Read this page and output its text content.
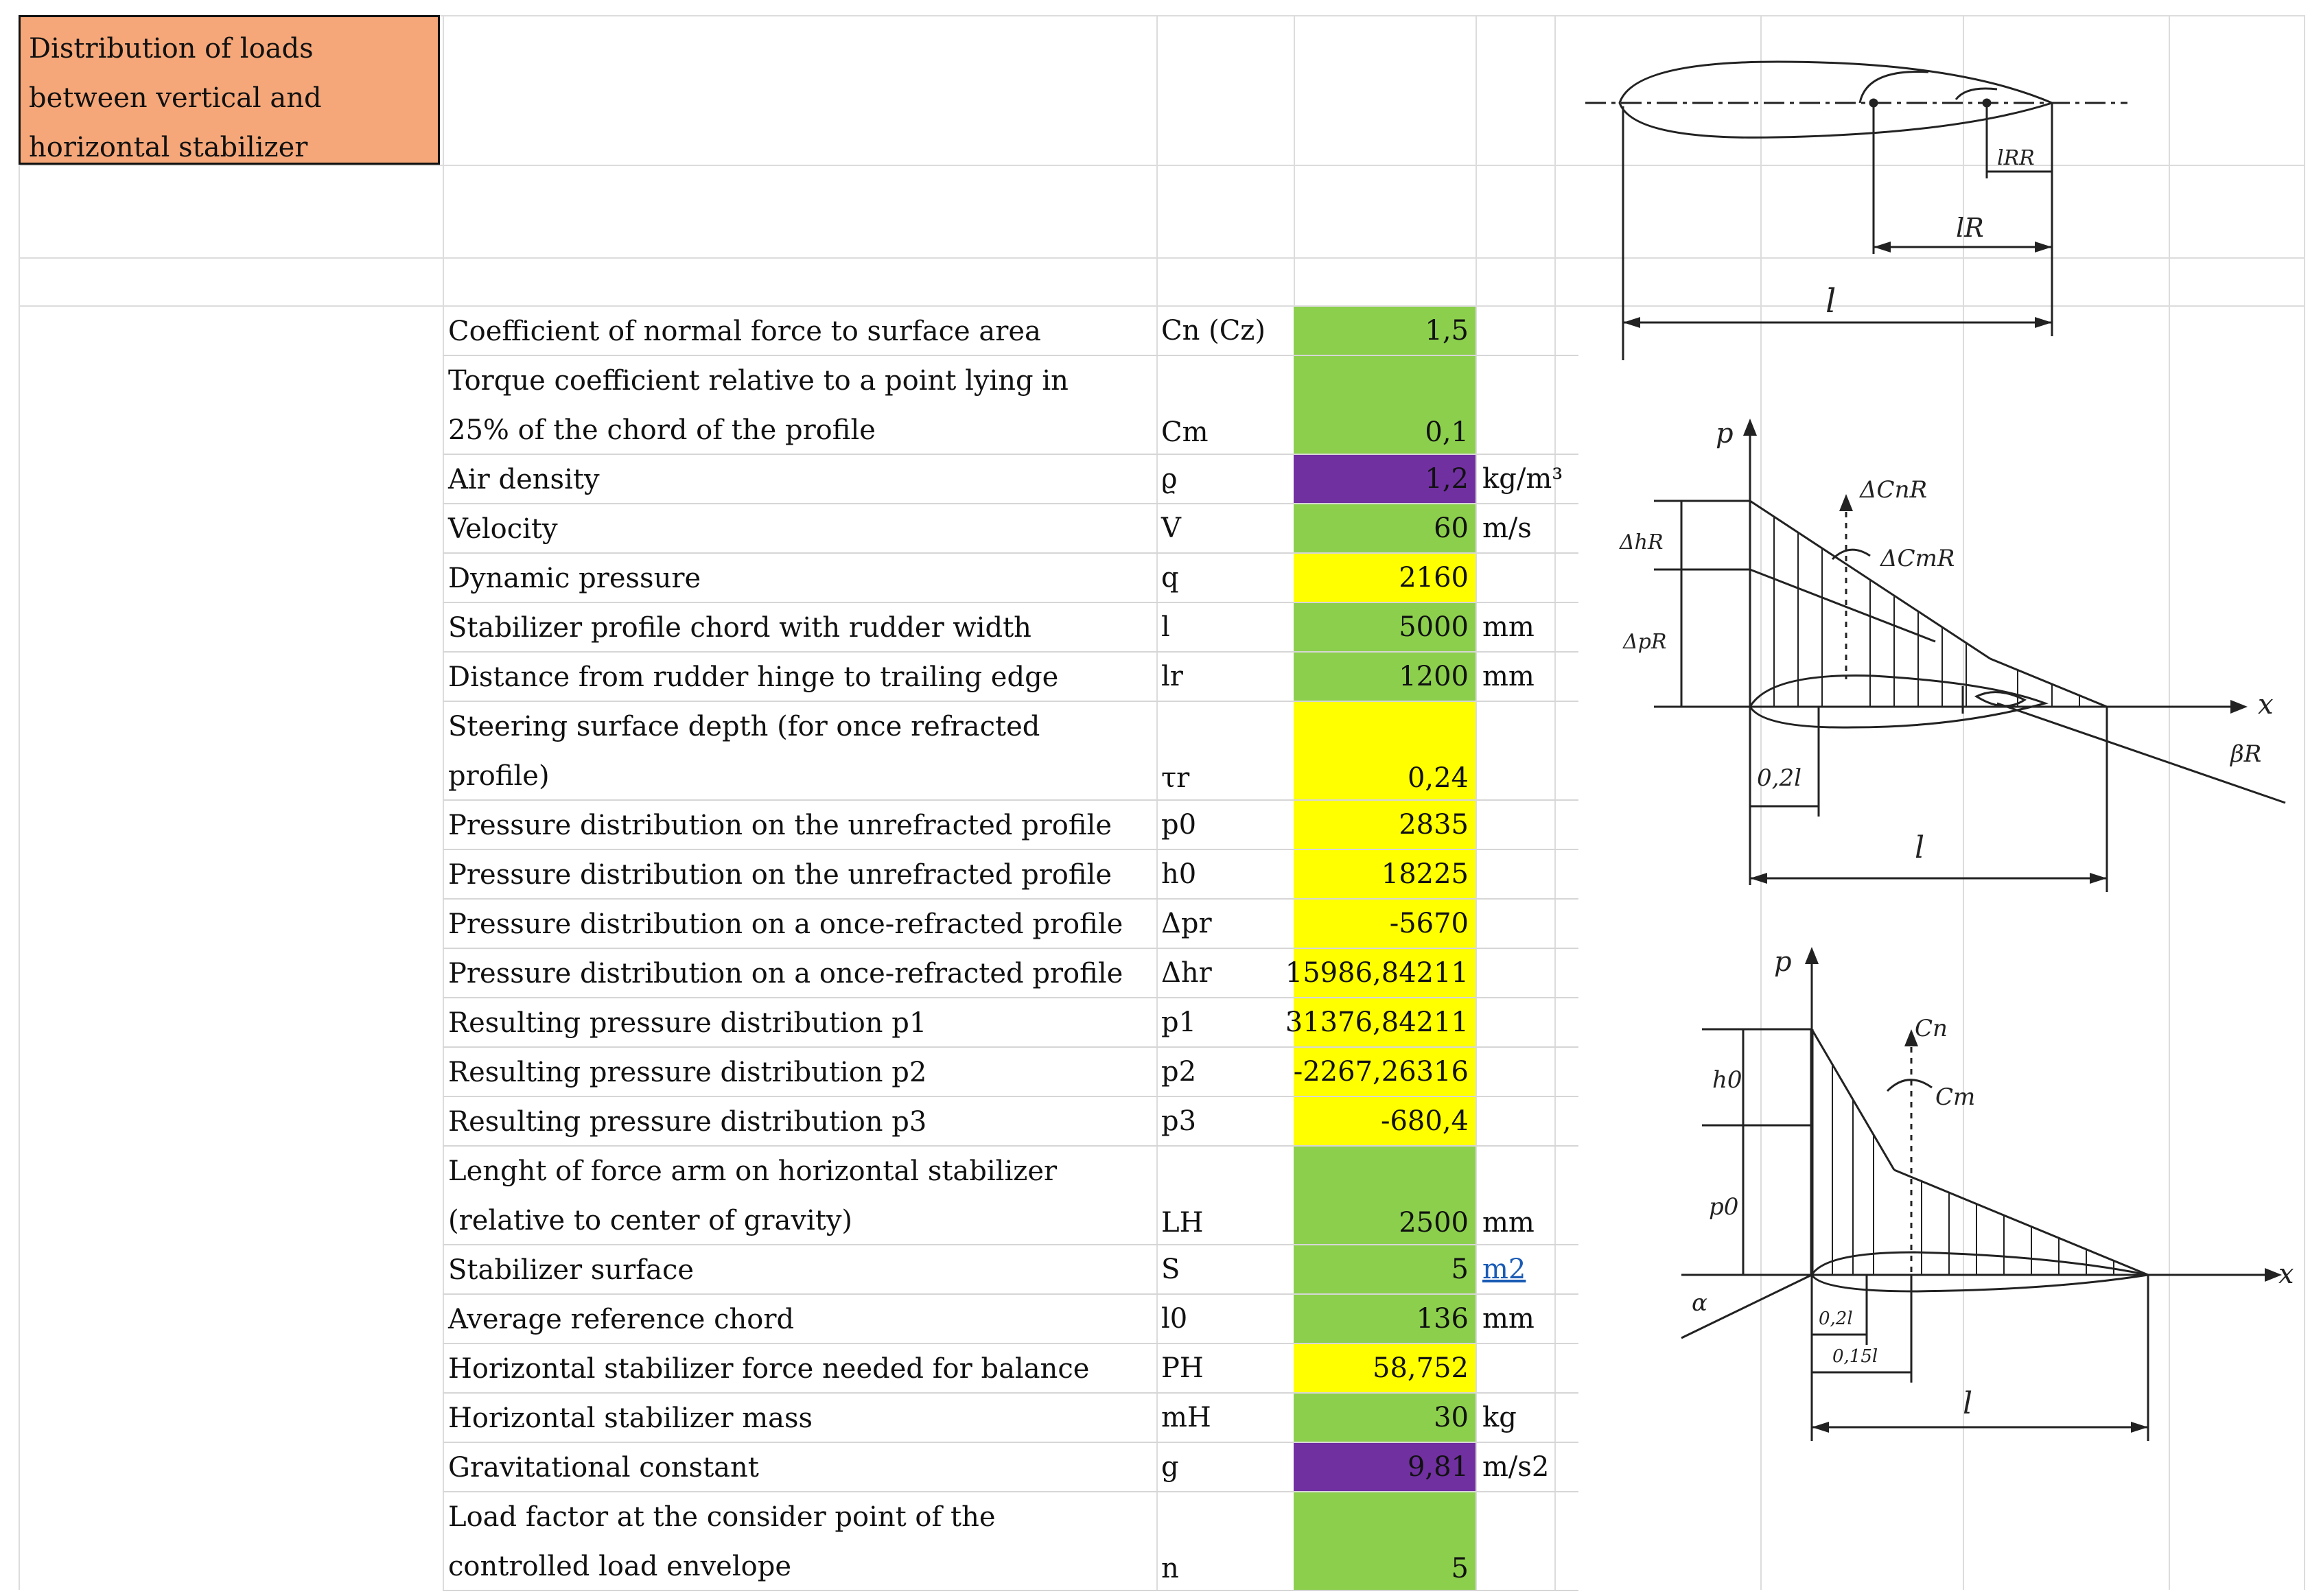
Distribution of loads
between vertical and
horizontal stabilizer
Coefficient of normal force to surface area	Cn (Cz)	1,5
Torque coefficient relative to a point lying in
25% of the chord of the profile	Cm	0,1
Air density	ϱ	1,2 kg/m³
Velocity	V	60 m/s
Dynamic pressure	q	2160
Stabilizer profile chord with rudder width	l	5000 mm
Distance from rudder hinge to trailing edge	lr	1200 mm
Steering surface depth (for once refracted
profile)	τr	0,24
Pressure distribution on the unrefracted profile	p0	2835
Pressure distribution on the unrefracted profile	h0	18225
Pressure distribution on a once-refracted profile	Δpr	-5670
Pressure distribution on a once-refracted profile	Δhr	15986,84211
Resulting pressure distribution p1	p1	31376,84211
Resulting pressure distribution p2	p2	-2267,26316
Resulting pressure distribution p3	p3	-680,4
Lenght of force arm on horizontal stabilizer
(relative to center of gravity)	LH	2500 mm
Stabilizer surface	S	5 m2
Average reference chord	l0	136 mm
Horizontal stabilizer force needed for balance	PH	58,752
Horizontal stabilizer mass	mH	30 kg
Gravitational constant	g	9,81 m/s2
Load factor at the consider point of the
controlled load envelope	n	5
l
lR
lRR
p
x
ΔCnR
ΔCmR
ΔhR
ΔpR
0,2l
l
βR
p
x
Cn
Cm
h0
p0
α
0,2l
0,15l
l
